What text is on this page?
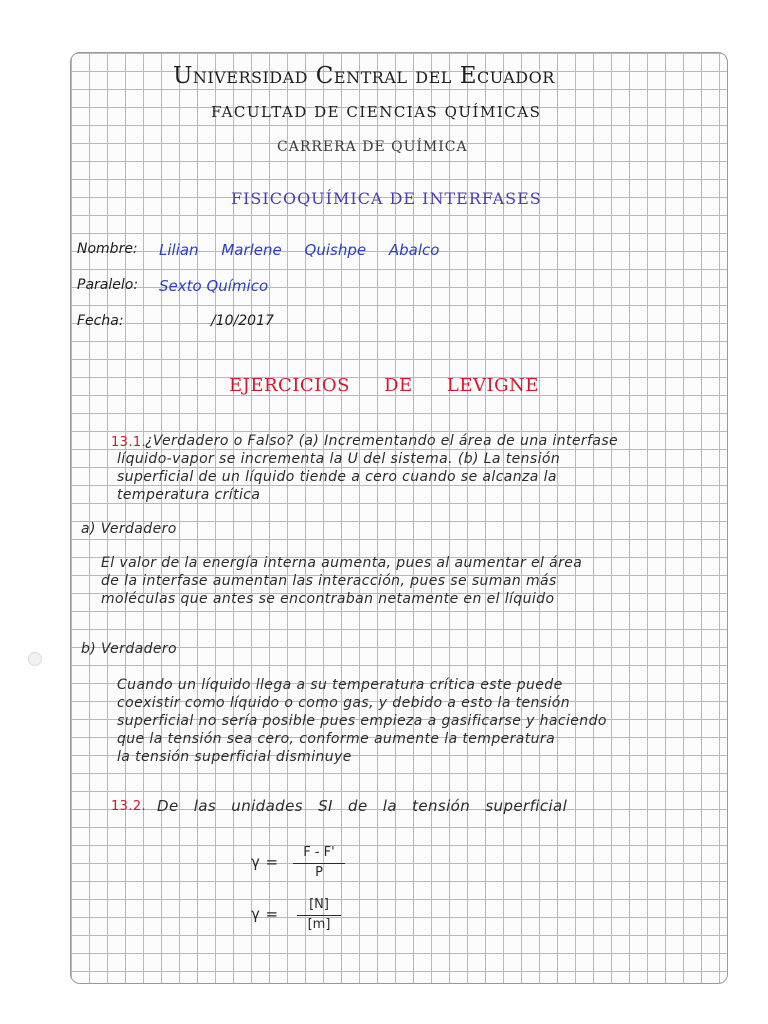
Universidad Central del Ecuador
FACULTAD DE CIENCIAS QUÍMICAS
CARRERA DE QUÍMICA
FISICOQUÍMICA DE INTERFASES
Nombre: Lilian Marlene Quishpe Abalco
Paralelo: Sexto Químico
Fecha:	/10/2017
EJERCICIOS DE LEVIGNE
13.1.
¿Verdadero o Falso? (a) Incrementando el área de una interfase
líquido-vapor se incrementa la U del sistema. (b) La tensión
superficial de un líquido tiende a cero cuando se alcanza la
temperatura crítica
a) Verdadero
El valor de la energía interna aumenta, pues al aumentar el área
de la interfase aumentan las interacción, pues se suman más
moléculas que antes se encontraban netamente en el líquido
b) Verdadero
Cuando un líquido llega a su temperatura crítica este puede
coexistir como líquido o como gas, y debido a esto la tensión
superficial no sería posible pues empieza a gasificarse y haciendo
que la tensión sea cero, conforme aumente la temperatura
la tensión superficial disminuye
13.2. De las unidades SI de la tensión superficial
γ =
F - F'
P
γ =
[N]
[m]
